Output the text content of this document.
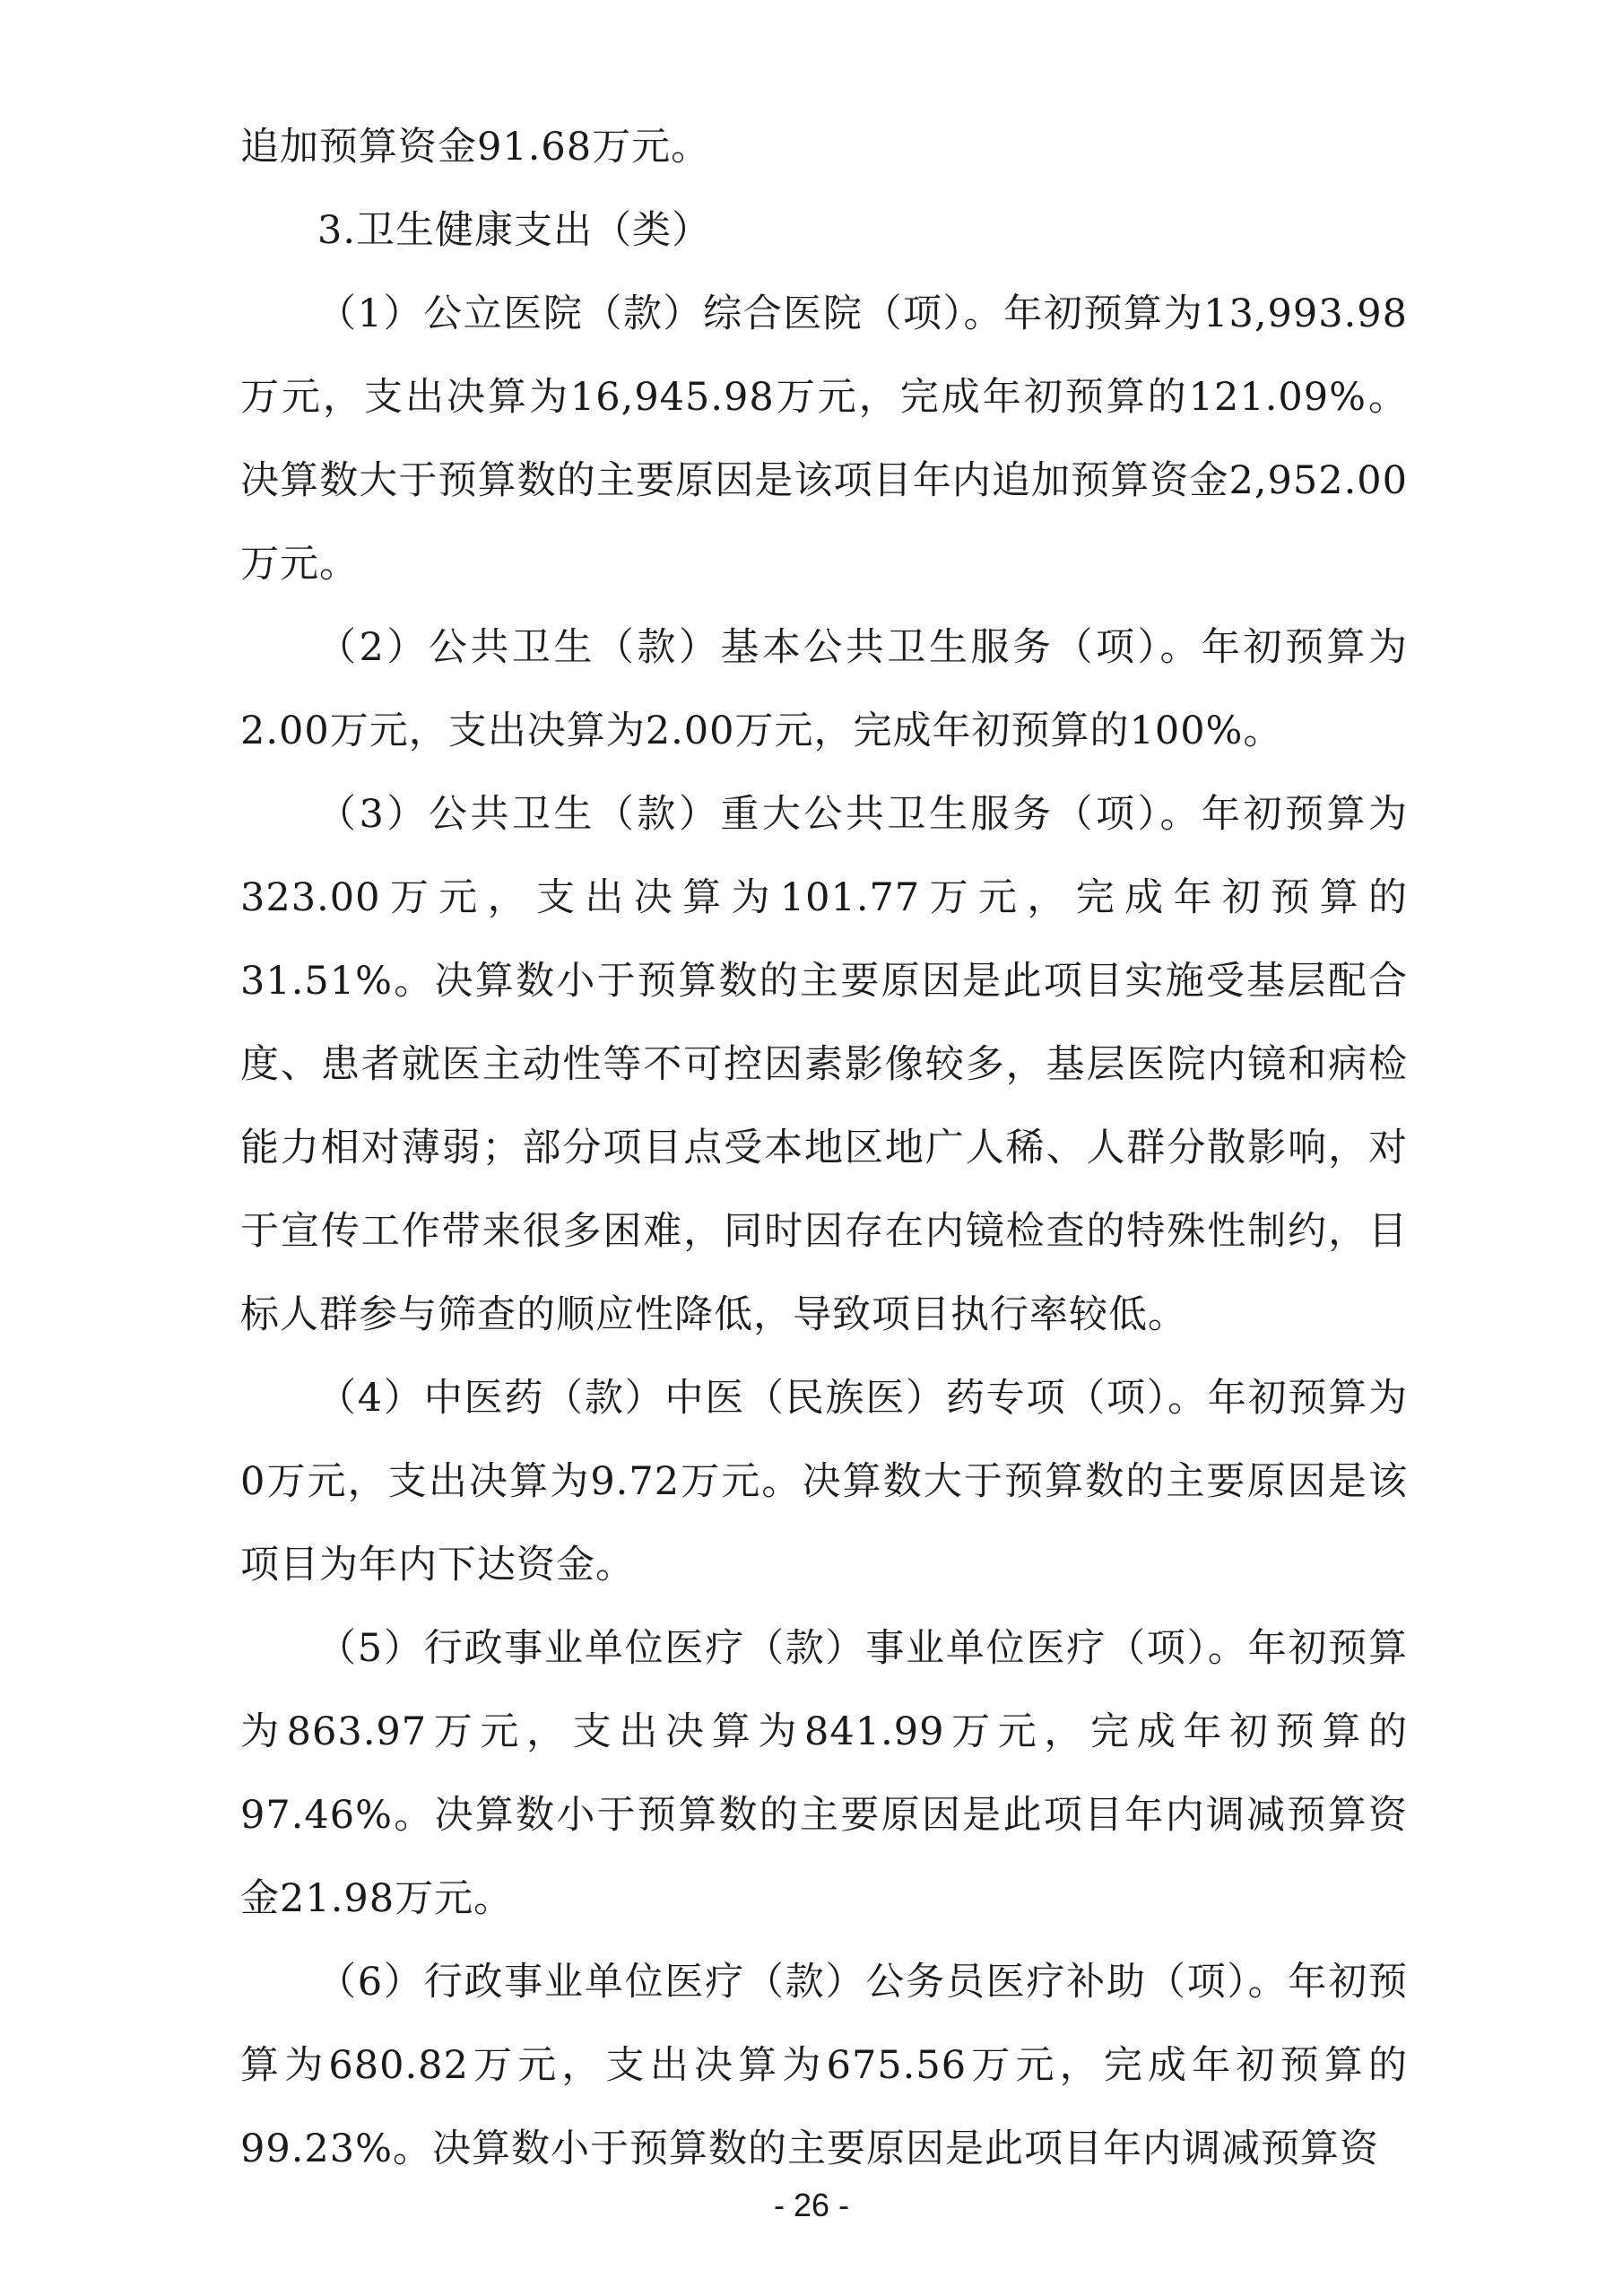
追加预算资金91.68万元。

3.卫生健康支出（类）

（1）公立医院（款）综合医院（项）。年初预算为13,993.98万元，支出决算为16,945.98万元，完成年初预算的121.09%。决算数大于预算数的主要原因是该项目年内追加预算资金2,952.00万元。

（2）公共卫生（款）基本公共卫生服务（项）。年初预算为2.00万元，支出决算为2.00万元，完成年初预算的100%。

（3）公共卫生（款）重大公共卫生服务（项）。年初预算为323.00万元，支出决算为101.77万元，完成年初预算的31.51%。决算数小于预算数的主要原因是此项目实施受基层配合度、患者就医主动性等不可控因素影像较多，基层医院内镜和病检能力相对薄弱；部分项目点受本地区地广人稀、人群分散影响，对于宣传工作带来很多困难，同时因存在内镜检查的特殊性制约，目标人群参与筛查的顺应性降低，导致项目执行率较低。

（4）中医药（款）中医（民族医）药专项（项）。年初预算为0万元，支出决算为9.72万元。决算数大于预算数的主要原因是该项目为年内下达资金。

（5）行政事业单位医疗（款）事业单位医疗（项）。年初预算为863.97万元，支出决算为841.99万元，完成年初预算的97.46%。决算数小于预算数的主要原因是此项目年内调减预算资金21.98万元。

（6）行政事业单位医疗（款）公务员医疗补助（项）。年初预算为680.82万元，支出决算为675.56万元，完成年初预算的99.23%。决算数小于预算数的主要原因是此项目年内调减预算资

- 26 -
